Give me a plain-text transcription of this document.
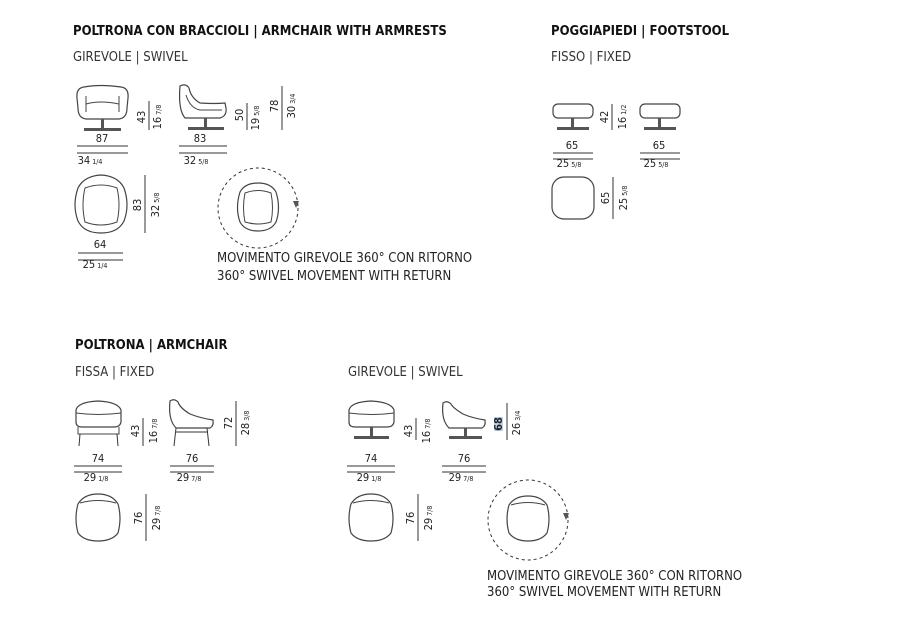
POLTRONA CON BRACCIOLI | ARMCHAIR WITH ARMRESTS
GIREVOLE | SWIVEL
87
34 1/4
43 167/8
83
32 5/8
50
195/8 78 303/4
83 325/8
64
25 1/4	MOVIMENTO GIREVOLE 360° CON RITORNO
360° SWIVEL MOVEMENT WITH RETURN
POGGIAPIEDI | FOOTSTOOL
FISSO | FIXED
65
25 5/8
42 161/2
65
25 5/8
65 255/8
POLTRONA | ARMCHAIR
FISSA | FIXED	GIREVOLE | SWIVEL
74
29 1/8
43 167/8
76
29 7/8
72 283/8
76 297/8
74
29 1/8
43 167/8
76
29 7/8
68 263/4
76 297/8
MOVIMENTO GIREVOLE 360° CON RITORNO
360° SWIVEL MOVEMENT WITH RETURN
